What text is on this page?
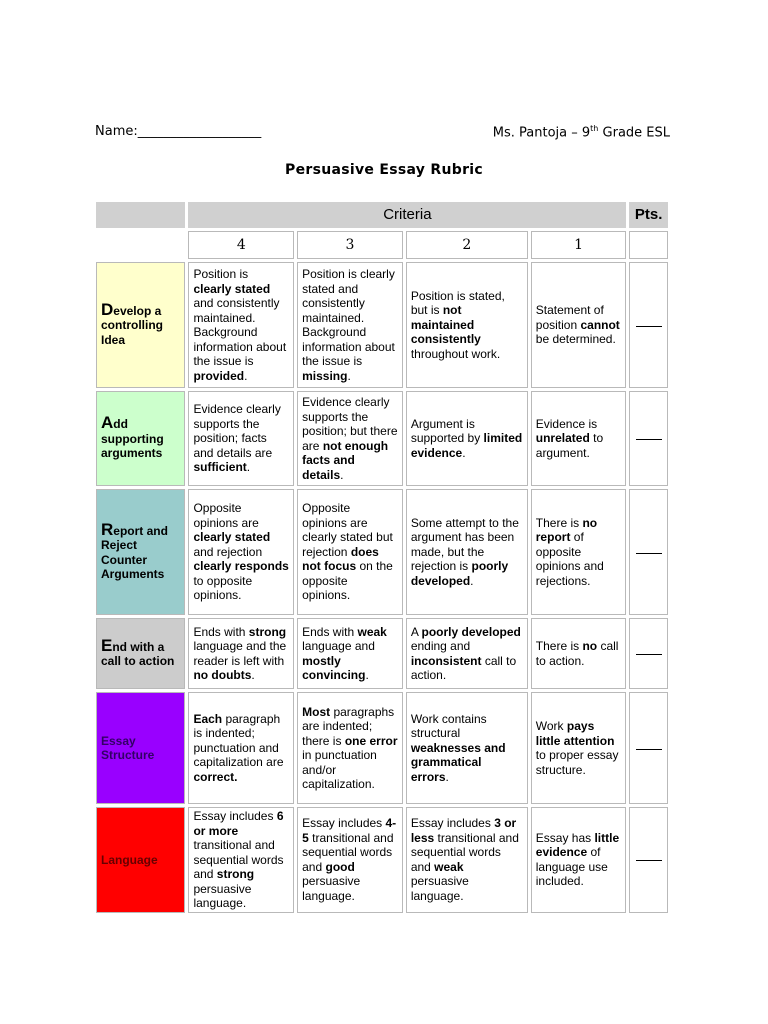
Name:___________________	Ms. Pantoja – 9th Grade ESL
Persuasive Essay Rubric
	Criteria				Pts.
	4	3	2	1	
Develop a controlling Idea	Position is clearly stated and consistently maintained. Background information about the issue is provided.	Position is clearly stated and consistently maintained. Background information about the issue is missing.	Position is stated, but is not maintained consistently throughout work.	Statement of position cannot be determined.	
Add supporting arguments	Evidence clearly supports the position; facts and details are sufficient.	Evidence clearly supports the position; but there are not enough facts and details.	Argument is supported by limited evidence.	Evidence is unrelated to argument.	
Report and Reject Counter Arguments	Opposite opinions are clearly stated and rejection clearly responds to opposite opinions.	Opposite opinions are clearly stated but rejection does not focus on the opposite opinions.	Some attempt to the argument has been made, but the rejection is poorly developed.	There is no report of opposite opinions and rejections.	
End with a call to action	Ends with strong language and the reader is left with no doubts.	Ends with weak language and mostly convincing.	A poorly developed ending and inconsistent call to action.	There is no call to action.	
Essay Structure	Each paragraph is indented; punctuation and capitalization are correct.	Most paragraphs are indented; there is one error in punctuation and/or capitalization.	Work contains structural weaknesses and grammatical errors.	Work pays little attention to proper essay structure.	
Language	Essay includes 6 or more transitional and sequential words and strong persuasive language.	Essay includes 4-5 transitional and sequential words and good persuasive language.	Essay includes 3 or less transitional and sequential words and weak persuasive language.	Essay has little evidence of language use included.	
